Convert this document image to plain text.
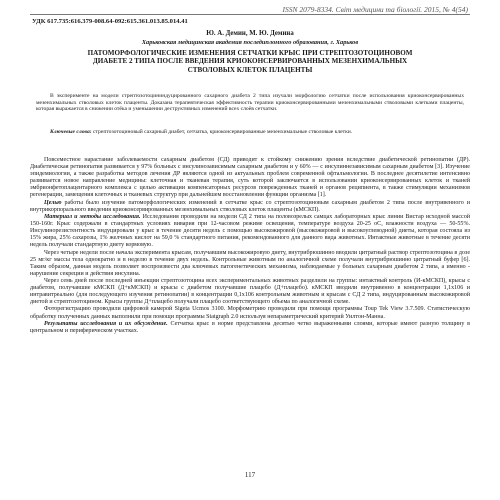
ISSN 2079-8334. Світ медицини та біології. 2015, № 4(54)
УДК 617.735:616.379-008.64-092:615.361.013.85.014.41
Ю. А. Демин, М. Ю. Демина
Харьковская медицинская академия последипломного образования, г. Харьков
ПАТОМОРФОЛОГИЧЕСКИЕ ИЗМЕНЕНИЯ СЕТЧАТКИ КРЫС ПРИ СТРЕПТОЗОТОЦИНОВОМ ДИАБЕТЕ 2 ТИПА ПОСЛЕ ВВЕДЕНИЯ КРИОКОНСЕРВИРОВАННЫХ МЕЗЕНХИМАЛЬНЫХ СТВОЛОВЫХ КЛЕТОК ПЛАЦЕНТЫ
В эксперименте на модели стрептозотоцининдуцированного сахарного диабета 2 типа изучали морфологию сетчатки после использования криоконсервированных мезенхимальных стволовых клеток плаценты. Доказана терапевтическая эффективность терапии криоконсервированными мезенхимальными стволовыми клетками плаценты, которая выражается в снижении отёка и уменьшении деструктивных изменений всех слоёв сетчатки.
Ключевые слова: стрептозотоциновый сахарный диабет, сетчатка, криоконсервированные мезенхимальные стволовые клетки.

Повсеместное нарастание заболеваемости сахарным диабетом (СД) приводит к стойкому снижению зрения вследствие диабетической ретинопатии (ДР). Диабетическая ретинопатия развивается у 97% больных с инсулинозависимым сахарным диабетом и у 60% — с инсулиннезависимым сахарным диабетом [3]. Изучение эпидемиологии, а также разработка методов лечения ДР являются одной из актуальных проблем современной офтальмологии. В последнее десятилетие интенсивно развивается новое направление медицины: клеточная и тканевая терапия, суть которой заключается в использовании криоконсервированных клеток и тканей эмбрионфетоплацентарного комплекса с целью активации компенсаторных ресурсов поврежденных тканей и органов реципиента, в также стимуляции механизмов регенерации, замещения клеточных и тканевых структур при дальнейшем восстановлении функции организма [1].

Целью работы было изучение патоморфологических изменений в сетчатке крыс со стрептозотоциновым сахарным диабетом 2 типа после внутривенного и внутрикорпорального введения криоконсервированных мезенхимальных стволовых клеток плаценты (кМСКП).

Материал и методы исследования. Исследования проводили на модели СД 2 типа на половозрелых самцах лабораторных крыс линии Вистар исходной массой 150-160г. Крыс содержали в стандартных условиях вивария при 12-часовом режиме освещения, температуре воздуха 20-25 оС, влажности воздуха — 50-55%. Инсулинорезистентность индуцировали у крыс в течение десяти недель с помощью высокожировой (высокожировой и высокоуглеводной) диеты, которая состояла из 15% жира, 25% сахарозы, 1% желчных кислот на 59,0 % стандартного питания, рекомендованного для данного вида животных. Интактные животные в течение десяти недель получали стандартную диету кормовую.

Через четыре недели после начала эксперимента крысам, получавшим высокожировую диету, внутрибрюшинно вводили цитратный раствор стрептозотоцина в дозе 25 мг/кг массы тела однократно и в неделю в течение двух недель. Контрольные животным по аналогичной схеме получали внутрибрюшинно цитратный буфер [6]. Таким образом, данная модель позволяет воспроизвести два ключевых патогенетических механизма, наблюдаемые у больных сахарным диабетом 2 типа, а именно - нарушение секреции и действия инсулина.

Через семь дней после последней инъекции стрептозотоцина всех экспериментальных животных разделили на группы: интактный контроль (И-кМСКП), крысы с диабетом, получавшие кМСКП (Д+кМСКП) и крысы с диабетом получавшие плацебо (Д+плацебо). кМСКП вводили внутривенно в концентрации 1,1х106 и интравитреально (для последующего изучения ретинопатии) в концентрации 0,1х106 контрольным животным и крысам с СД 2 типа, индуцированным высокожировой диетой и стрептозотоцином. Крысы группы Д+плацебо получали плацебо соответствующего объема по аналогичной схеме.

Фоторегистрацию проводили цифровой камерой Sigeta Ucmos 3100. Морфометрию проводили при помощи программы Toup Tek View 3.7.509. Статистическую обработку полученных данных выполнили при помощи программы Statgraph 2.0 используя непараметрический критерий Уилтон-Манна.

Результаты исследования и их обсуждение. Сетчатка крыс в норме представлена десятью четко выраженными слоями, которые имеют разную толщину в центральном и периферическом участках.

117
